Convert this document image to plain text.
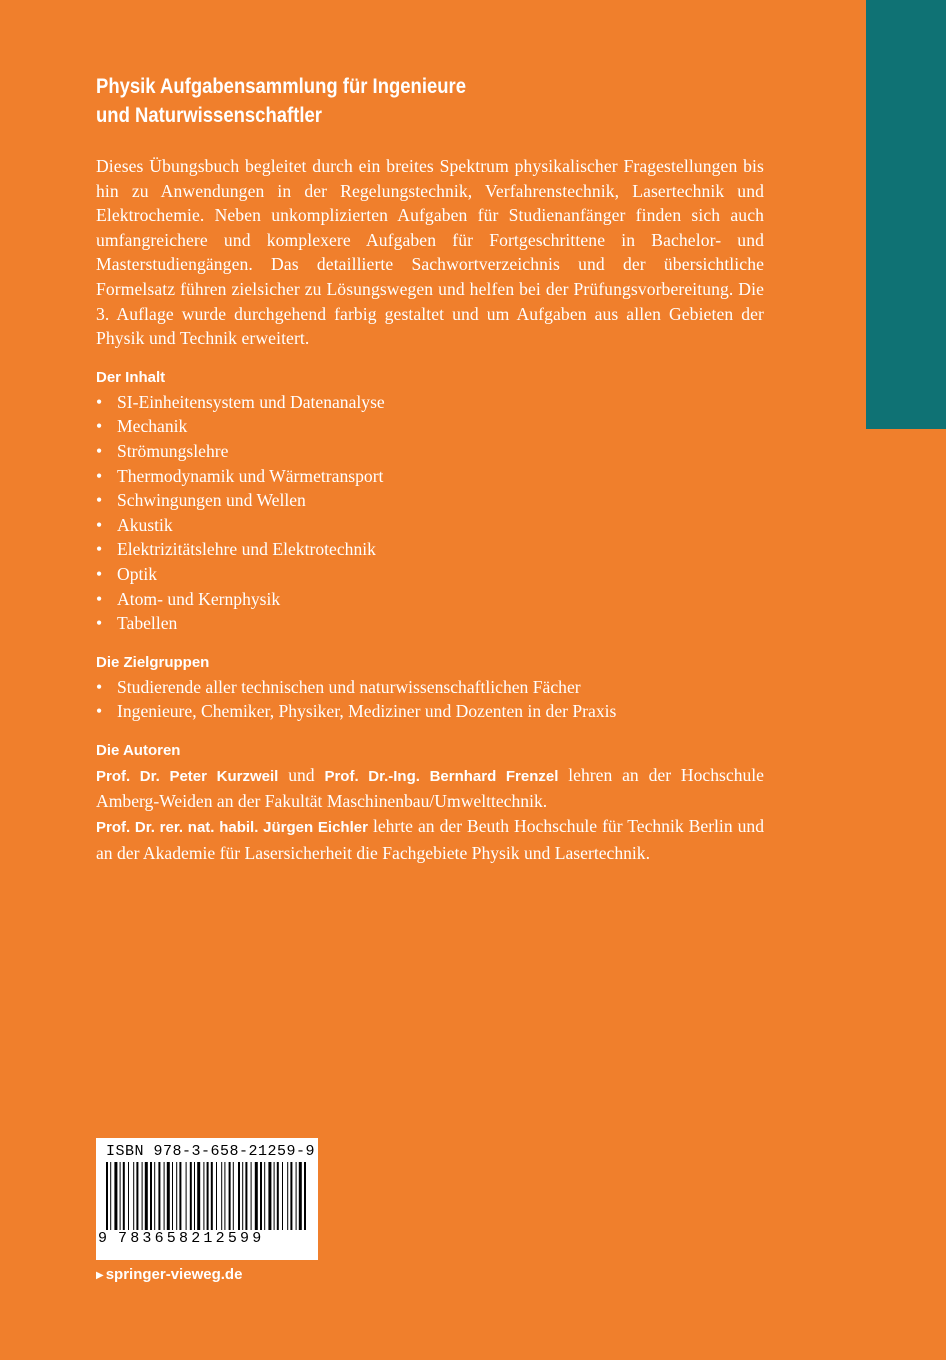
Physik Aufgabensammlung für Ingenieure
und Naturwissenschaftler

Dieses Übungsbuch begleitet durch ein breites Spektrum physikalischer Fragestellungen bis hin zu Anwendungen in der Regelungstechnik, Verfahrenstechnik, Lasertechnik und Elektrochemie. Neben unkomplizierten Aufgaben für Studienanfänger finden sich auch umfangreichere und komplexere Aufgaben für Fortgeschrittene in Bachelor- und Masterstudiengängen. Das detaillierte Sachwortverzeichnis und der übersichtliche Formelsatz führen zielsicher zu Lösungswegen und helfen bei der Prüfungsvorbereitung. Die 3. Auflage wurde durchgehend farbig gestaltet und um Aufgaben aus allen Gebieten der Physik und Technik erweitert.

Der Inhalt
• SI-Einheitensystem und Datenanalyse
• Mechanik
• Strömungslehre
• Thermodynamik und Wärmetransport
• Schwingungen und Wellen
• Akustik
• Elektrizitätslehre und Elektrotechnik
• Optik
• Atom- und Kernphysik
• Tabellen
Die Zielgruppen
• Studierende aller technischen und naturwissenschaftlichen Fächer
• Ingenieure, Chemiker, Physiker, Mediziner und Dozenten in der Praxis
Die Autoren

Prof. Dr. Peter Kurzweil und Prof. Dr.-Ing. Bernhard Frenzel lehren an der Hochschule Amberg-Weiden an der Fakultät Maschinenbau/Umwelttechnik.

Prof. Dr. rer. nat. habil. Jürgen Eichler lehrte an der Beuth Hochschule für Technik Berlin und an der Akademie für Lasersicherheit die Fachgebiete Physik und Lasertechnik.

ISBN 978-3-658-21259-9
9 783658212599
▶ springer-vieweg.de
